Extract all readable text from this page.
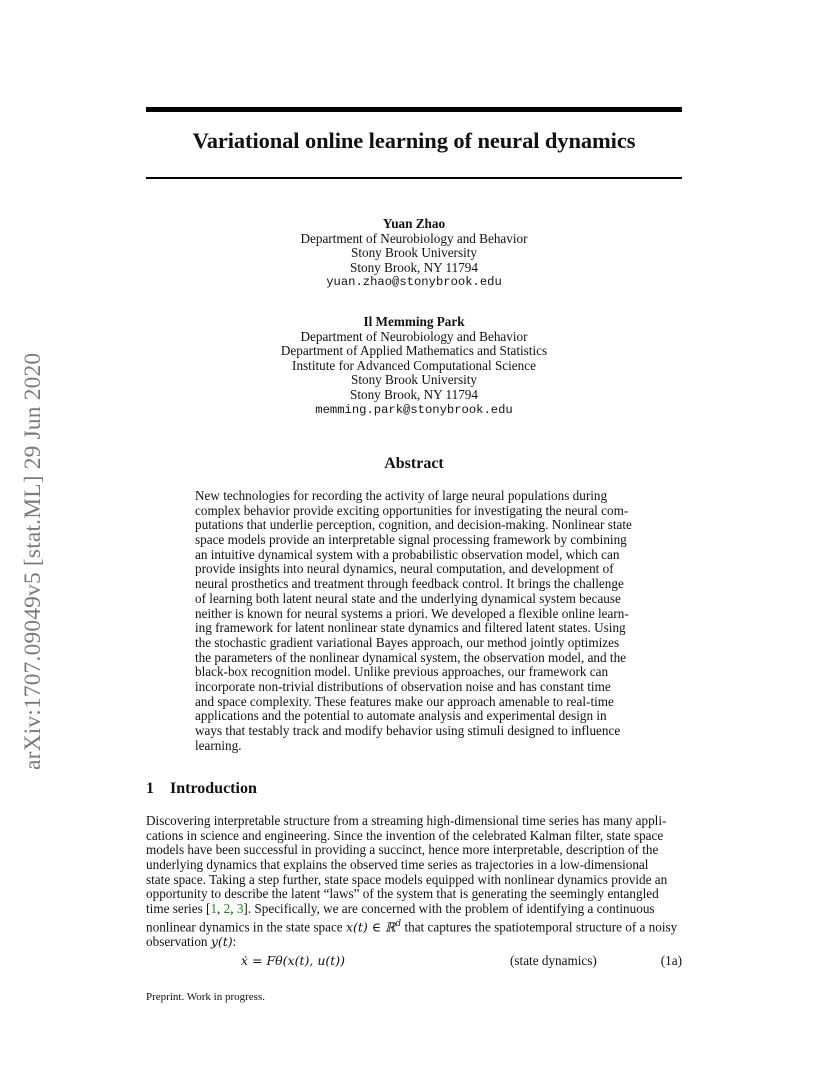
Variational online learning of neural dynamics
arXiv:1707.09049v5 [stat.ML] 29 Jun 2020
Yuan Zhao
Department of Neurobiology and Behavior
Stony Brook University
Stony Brook, NY 11794
yuan.zhao@stonybrook.edu
Il Memming Park
Department of Neurobiology and Behavior
Department of Applied Mathematics and Statistics
Institute for Advanced Computational Science
Stony Brook University
Stony Brook, NY 11794
memming.park@stonybrook.edu
Abstract
New technologies for recording the activity of large neural populations during
complex behavior provide exciting opportunities for investigating the neural com-
putations that underlie perception, cognition, and decision-making. Nonlinear state
space models provide an interpretable signal processing framework by combining
an intuitive dynamical system with a probabilistic observation model, which can
provide insights into neural dynamics, neural computation, and development of
neural prosthetics and treatment through feedback control. It brings the challenge
of learning both latent neural state and the underlying dynamical system because
neither is known for neural systems a priori. We developed a flexible online learn-
ing framework for latent nonlinear state dynamics and filtered latent states. Using
the stochastic gradient variational Bayes approach, our method jointly optimizes
the parameters of the nonlinear dynamical system, the observation model, and the
black-box recognition model. Unlike previous approaches, our framework can
incorporate non-trivial distributions of observation noise and has constant time
and space complexity. These features make our approach amenable to real-time
applications and the potential to automate analysis and experimental design in
ways that testably track and modify behavior using stimuli designed to influence
learning.
1 Introduction
Discovering interpretable structure from a streaming high-dimensional time series has many appli-
cations in science and engineering. Since the invention of the celebrated Kalman filter, state space
models have been successful in providing a succinct, hence more interpretable, description of the
underlying dynamics that explains the observed time series as trajectories in a low-dimensional
state space. Taking a step further, state space models equipped with nonlinear dynamics provide an
opportunity to describe the latent “laws” of the system that is generating the seemingly entangled
time series [1, 2, 3]. Specifically, we are concerned with the problem of identifying a continuous
nonlinear dynamics in the state space x(t) ∈ ℝ$^d$ that captures the spatiotemporal structure of a noisy
observation y(t):
ẋ = Fθ(x(t), u(t))	(state dynamics)	(1a)
Preprint. Work in progress.
